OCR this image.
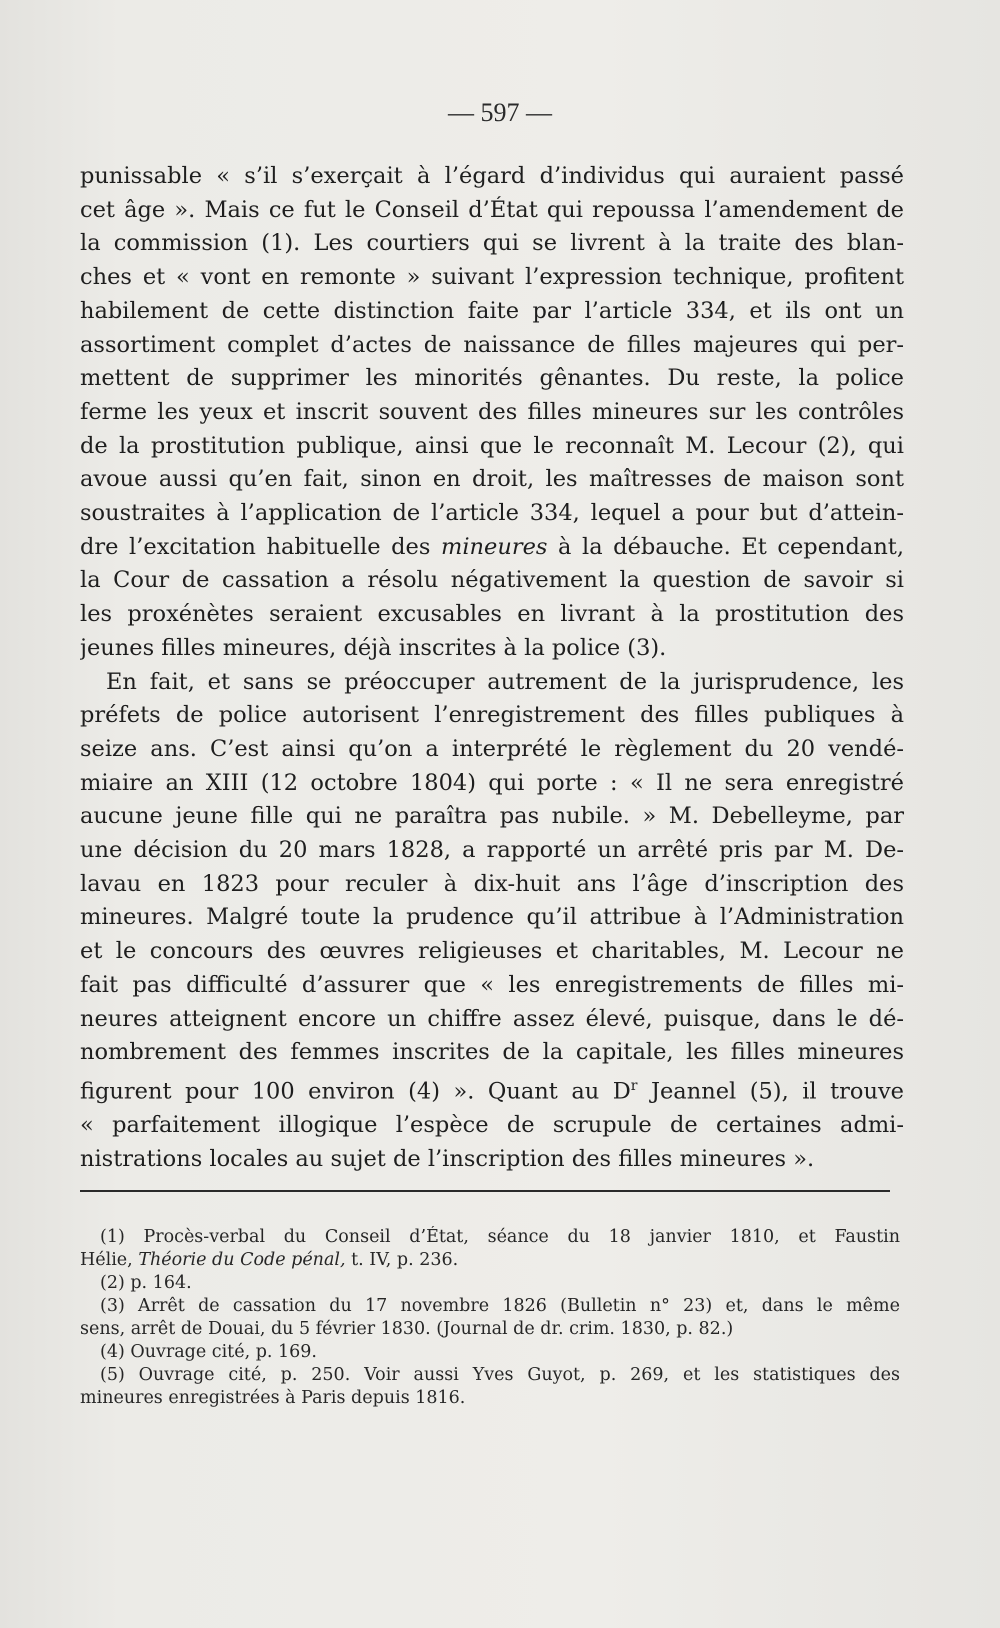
— 597 —

punissable « s’il s’exerçait à l’égard d’individus qui auraient passé
cet âge ». Mais ce fut le Conseil d’État qui repoussa l’amendement de
la commission (1). Les courtiers qui se livrent à la traite des blan-
ches et « vont en remonte » suivant l’expression technique, profitent
habilement de cette distinction faite par l’article 334, et ils ont un
assortiment complet d’actes de naissance de filles majeures qui per-
mettent de supprimer les minorités gênantes. Du reste, la police
ferme les yeux et inscrit souvent des filles mineures sur les contrôles
de la prostitution publique, ainsi que le reconnaît M. Lecour (2), qui
avoue aussi qu’en fait, sinon en droit, les maîtresses de maison sont
soustraites à l’application de l’article 334, lequel a pour but d’attein-
dre l’excitation habituelle des mineures à la débauche. Et cependant,
la Cour de cassation a résolu négativement la question de savoir si
les proxénètes seraient excusables en livrant à la prostitution des
jeunes filles mineures, déjà inscrites à la police (3).

En fait, et sans se préoccuper autrement de la jurisprudence, les
préfets de police autorisent l’enregistrement des filles publiques à
seize ans. C’est ainsi qu’on a interprété le règlement du 20 vendé-
miaire an XIII (12 octobre 1804) qui porte : « Il ne sera enregistré
aucune jeune fille qui ne paraîtra pas nubile. » M. Debelleyme, par
une décision du 20 mars 1828, a rapporté un arrêté pris par M. De-
lavau en 1823 pour reculer à dix-huit ans l’âge d’inscription des
mineures. Malgré toute la prudence qu’il attribue à l’Administration
et le concours des œuvres religieuses et charitables, M. Lecour ne
fait pas difficulté d’assurer que « les enregistrements de filles mi-
neures atteignent encore un chiffre assez élevé, puisque, dans le dé-
nombrement des femmes inscrites de la capitale, les filles mineures
figurent pour 100 environ (4) ». Quant au $D^r$ Jeannel (5), il trouve
« parfaitement illogique l’espèce de scrupule de certaines admi-
nistrations locales au sujet de l’inscription des filles mineures ».

(1) Procès-verbal du Conseil d’État, séance du 18 janvier 1810, et Faustin
Hélie, Théorie du Code pénal, t. IV, p. 236.

(2) p. 164.

(3) Arrêt de cassation du 17 novembre 1826 (Bulletin n° 23) et, dans le même
sens, arrêt de Douai, du 5 février 1830. (Journal de dr. crim. 1830, p. 82.)

(4) Ouvrage cité, p. 169.

(5) Ouvrage cité, p. 250. Voir aussi Yves Guyot, p. 269, et les statistiques des
mineures enregistrées à Paris depuis 1816.
